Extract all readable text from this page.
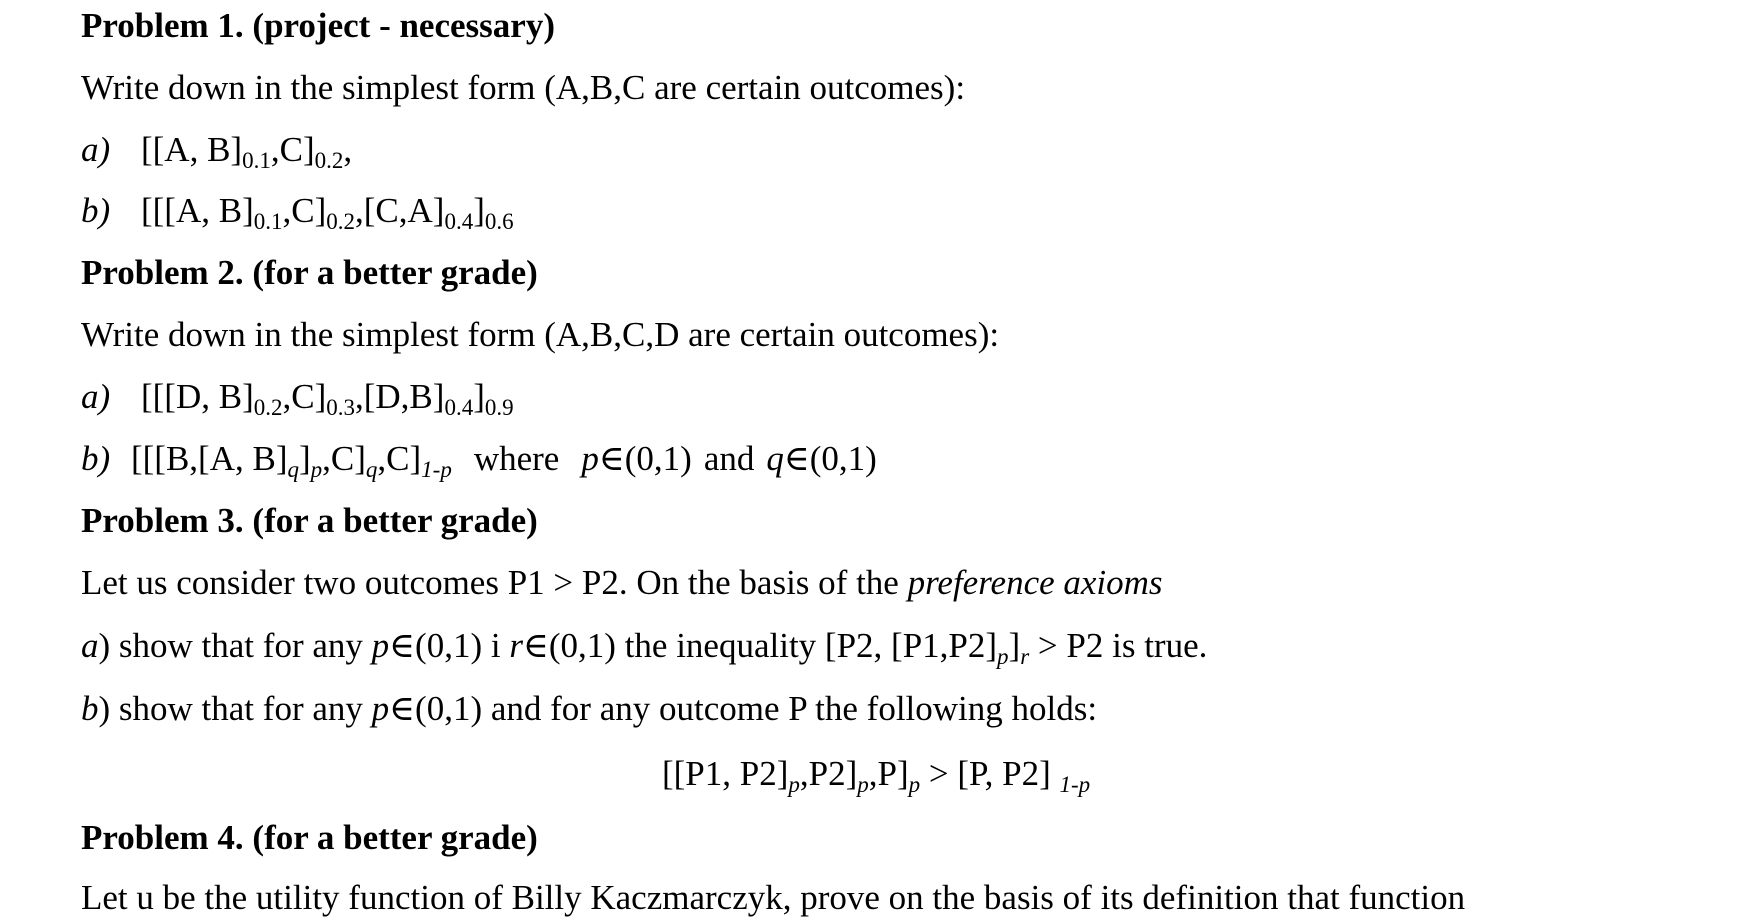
Problem 1. (project - necessary)
Write down in the simplest form (A,B,C are certain outcomes):
a) [[A, $B]_{0.1},C]_{0.2}$,
b) [[[A, $B]_{0.1},C]_{0.2},[C,A]_{0.4}]_{0.6}$
Problem 2. (for a better grade)
Write down in the simplest form (A,B,C,D are certain outcomes):
a) [[[D, $B]_{0.2},C]_{0.3},[D,B]_{0.4}]_{0.9}$
b) [[[B,[A, $B]_q]_p,C]_q,C]_{1-p}$ where p∈(0,1) and q∈(0,1)
Problem 3. (for a better grade)
Let us consider two outcomes P1 > P2. On the basis of the preference axioms
a) show that for any p∈(0,1) i r∈(0,1) the inequality [P2, $[P1,P2]_p]_r > P2$ is true.
b) show that for any p∈(0,1) and for any outcome P the following holds:
[[P1, $P2]_p,P2]_p,P]_p > [P$, P2] $_{1-p}$
Problem 4. (for a better grade)
Let u be the utility function of Billy Kaczmarczyk, prove on the basis of its definition that function
